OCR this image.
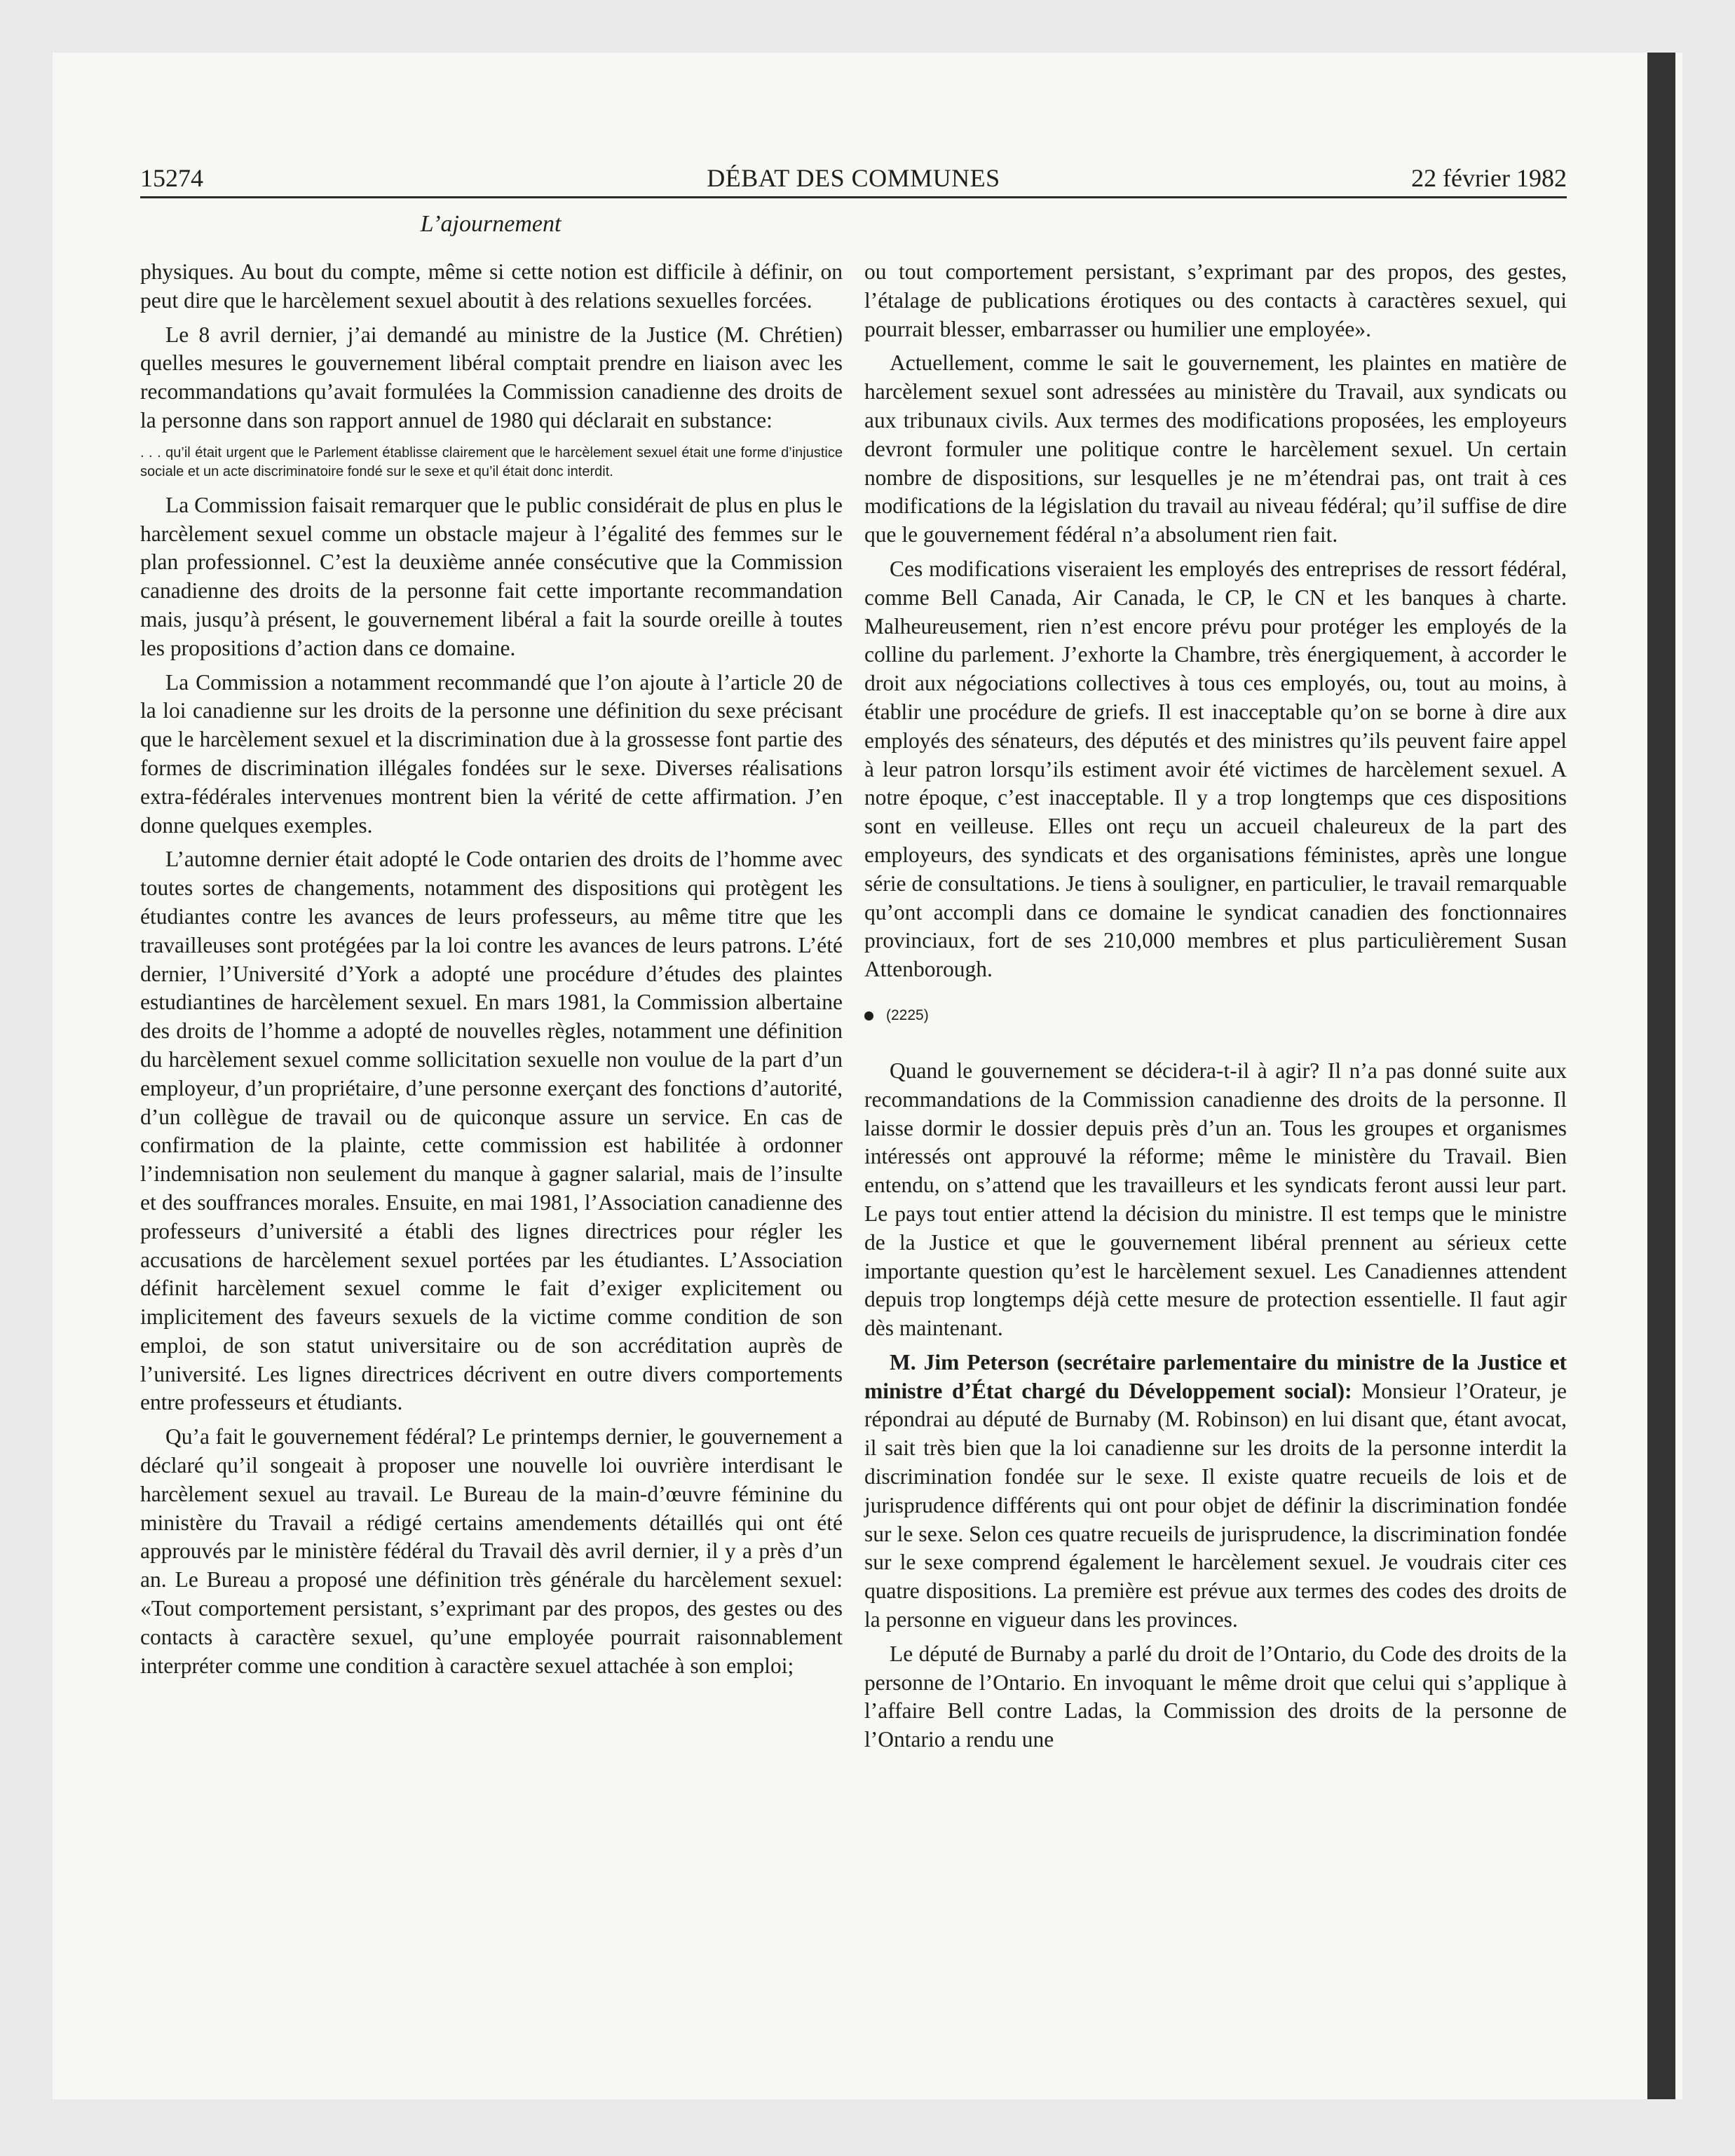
15274	DÉBAT DES COMMUNES	22 février 1982
L’ajournement

physiques. Au bout du compte, même si cette notion est difficile à définir, on peut dire que le harcèlement sexuel aboutit à des relations sexuelles forcées.

Le 8 avril dernier, j’ai demandé au ministre de la Justice (M. Chrétien) quelles mesures le gouvernement libéral comptait prendre en liaison avec les recommandations qu’avait formulées la Commission canadienne des droits de la personne dans son rapport annuel de 1980 qui déclarait en substance:

. . . qu’il était urgent que le Parlement établisse clairement que le harcèlement sexuel était une forme d’injustice sociale et un acte discriminatoire fondé sur le sexe et qu’il était donc interdit.

La Commission faisait remarquer que le public considérait de plus en plus le harcèlement sexuel comme un obstacle majeur à l’égalité des femmes sur le plan professionnel. C’est la deuxième année consécutive que la Commission canadienne des droits de la personne fait cette importante recommandation mais, jusqu’à présent, le gouvernement libéral a fait la sourde oreille à toutes les propositions d’action dans ce domaine.

La Commission a notamment recommandé que l’on ajoute à l’article 20 de la loi canadienne sur les droits de la personne une définition du sexe précisant que le harcèlement sexuel et la discrimination due à la grossesse font partie des formes de discrimination illégales fondées sur le sexe. Diverses réalisations extra-fédérales intervenues montrent bien la vérité de cette affirmation. J’en donne quelques exemples.

L’automne dernier était adopté le Code ontarien des droits de l’homme avec toutes sortes de changements, notamment des dispositions qui protègent les étudiantes contre les avances de leurs professeurs, au même titre que les travailleuses sont protégées par la loi contre les avances de leurs patrons. L’été dernier, l’Université d’York a adopté une procédure d’études des plaintes estudiantines de harcèlement sexuel. En mars 1981, la Commission albertaine des droits de l’homme a adopté de nouvelles règles, notamment une définition du harcèlement sexuel comme sollicitation sexuelle non voulue de la part d’un employeur, d’un propriétaire, d’une personne exerçant des fonctions d’autorité, d’un collègue de travail ou de quiconque assure un service. En cas de confirmation de la plainte, cette commission est habilitée à ordonner l’indemnisation non seulement du manque à gagner salarial, mais de l’insulte et des souffrances morales. Ensuite, en mai 1981, l’Association canadienne des professeurs d’université a établi des lignes directrices pour régler les accusations de harcèlement sexuel portées par les étudiantes. L’Association définit harcèlement sexuel comme le fait d’exiger explicitement ou implicitement des faveurs sexuels de la victime comme condition de son emploi, de son statut universitaire ou de son accréditation auprès de l’université. Les lignes directrices décrivent en outre divers comportements entre professeurs et étudiants.

Qu’a fait le gouvernement fédéral? Le printemps dernier, le gouvernement a déclaré qu’il songeait à proposer une nouvelle loi ouvrière interdisant le harcèlement sexuel au travail. Le Bureau de la main-d’œuvre féminine du ministère du Travail a rédigé certains amendements détaillés qui ont été approuvés par le ministère fédéral du Travail dès avril dernier, il y a près d’un an. Le Bureau a proposé une définition très générale du harcèlement sexuel: «Tout comportement persistant, s’exprimant par des propos, des gestes ou des contacts à caractère sexuel, qu’une employée pourrait raisonnablement interpréter comme une condition à caractère sexuel attachée à son emploi;

ou tout comportement persistant, s’exprimant par des propos, des gestes, l’étalage de publications érotiques ou des contacts à caractères sexuel, qui pourrait blesser, embarrasser ou humilier une employée».

Actuellement, comme le sait le gouvernement, les plaintes en matière de harcèlement sexuel sont adressées au ministère du Travail, aux syndicats ou aux tribunaux civils. Aux termes des modifications proposées, les employeurs devront formuler une politique contre le harcèlement sexuel. Un certain nombre de dispositions, sur lesquelles je ne m’étendrai pas, ont trait à ces modifications de la législation du travail au niveau fédéral; qu’il suffise de dire que le gouvernement fédéral n’a absolument rien fait.

Ces modifications viseraient les employés des entreprises de ressort fédéral, comme Bell Canada, Air Canada, le CP, le CN et les banques à charte. Malheureusement, rien n’est encore prévu pour protéger les employés de la colline du parlement. J’exhorte la Chambre, très énergiquement, à accorder le droit aux négociations collectives à tous ces employés, ou, tout au moins, à établir une procédure de griefs. Il est inacceptable qu’on se borne à dire aux employés des sénateurs, des députés et des ministres qu’ils peuvent faire appel à leur patron lorsqu’ils estiment avoir été victimes de harcèlement sexuel. A notre époque, c’est inacceptable. Il y a trop longtemps que ces dispositions sont en veilleuse. Elles ont reçu un accueil chaleureux de la part des employeurs, des syndicats et des organisations féministes, après une longue série de consultations. Je tiens à souligner, en particulier, le travail remarquable qu’ont accompli dans ce domaine le syndicat canadien des fonctionnaires provinciaux, fort de ses 210,000 membres et plus particulièrement Susan Attenborough.

(2225)

Quand le gouvernement se décidera-t-il à agir? Il n’a pas donné suite aux recommandations de la Commission canadienne des droits de la personne. Il laisse dormir le dossier depuis près d’un an. Tous les groupes et organismes intéressés ont approuvé la réforme; même le ministère du Travail. Bien entendu, on s’attend que les travailleurs et les syndicats feront aussi leur part. Le pays tout entier attend la décision du ministre. Il est temps que le ministre de la Justice et que le gouvernement libéral prennent au sérieux cette importante question qu’est le harcèlement sexuel. Les Canadiennes attendent depuis trop longtemps déjà cette mesure de protection essentielle. Il faut agir dès maintenant.

M. Jim Peterson (secrétaire parlementaire du ministre de la Justice et ministre d’État chargé du Développement social): Monsieur l’Orateur, je répondrai au député de Burnaby (M. Robinson) en lui disant que, étant avocat, il sait très bien que la loi canadienne sur les droits de la personne interdit la discrimination fondée sur le sexe. Il existe quatre recueils de lois et de jurisprudence différents qui ont pour objet de définir la discrimination fondée sur le sexe. Selon ces quatre recueils de jurisprudence, la discrimination fondée sur le sexe comprend également le harcèlement sexuel. Je voudrais citer ces quatre dispositions. La première est prévue aux termes des codes des droits de la personne en vigueur dans les provinces.

Le député de Burnaby a parlé du droit de l’Ontario, du Code des droits de la personne de l’Ontario. En invoquant le même droit que celui qui s’applique à l’affaire Bell contre Ladas, la Commission des droits de la personne de l’Ontario a rendu une
